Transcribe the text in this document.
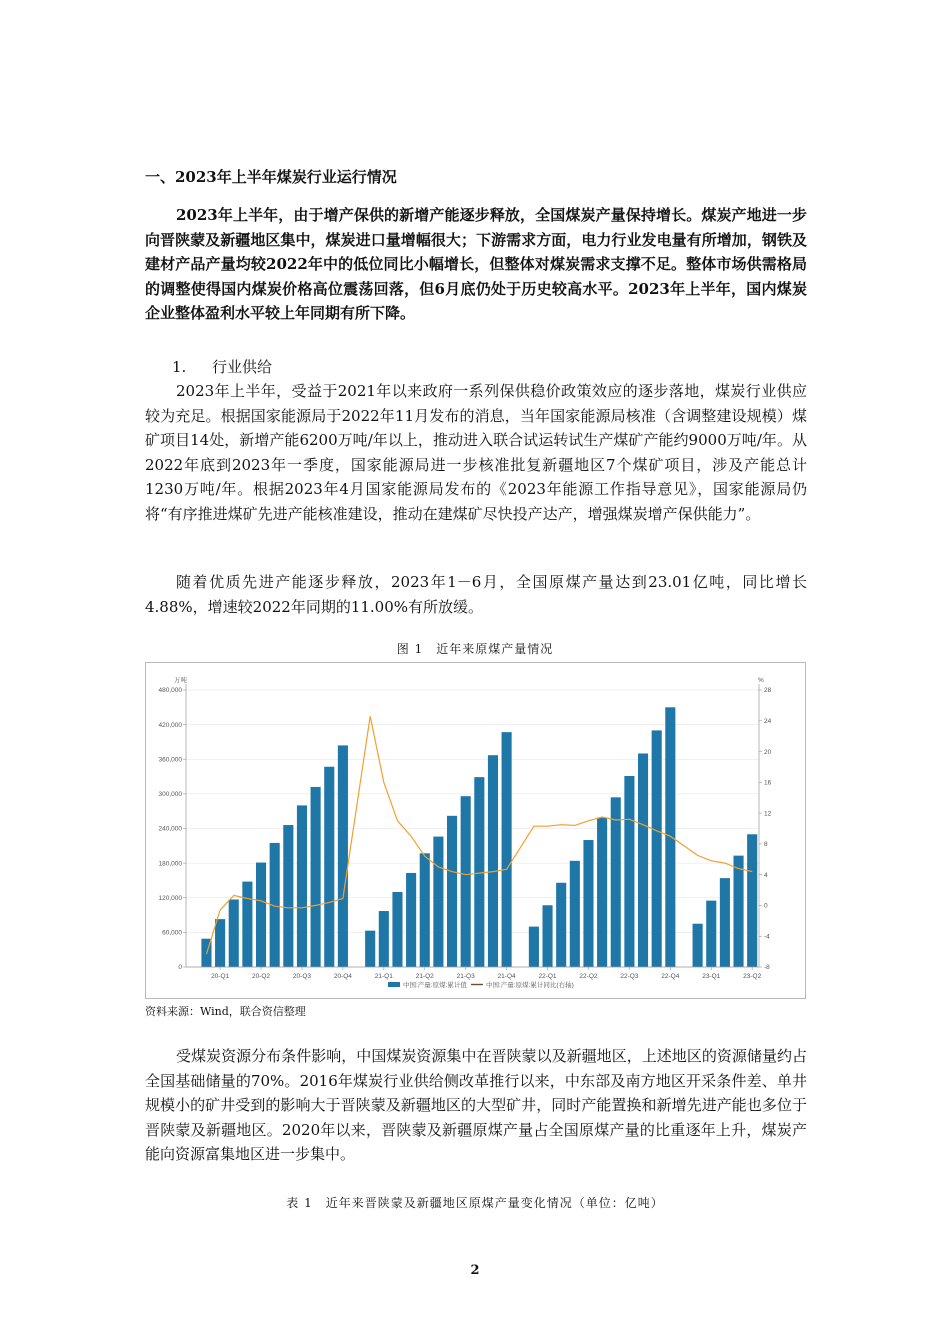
一、2023年上半年煤炭行业运行情况

2023年上半年，由于增产保供的新增产能逐步释放，全国煤炭产量保持增长。煤炭产地进一步向晋陕蒙及新疆地区集中，煤炭进口量增幅很大；下游需求方面，电力行业发电量有所增加，钢铁及建材产品产量均较2022年中的低位同比小幅增长，但整体对煤炭需求支撑不足。整体市场供需格局的调整使得国内煤炭价格高位震荡回落，但6月底仍处于历史较高水平。2023年上半年，国内煤炭企业整体盈利水平较上年同期有所下降。

1. 行业供给

2023年上半年，受益于2021年以来政府一系列保供稳价政策效应的逐步落地，煤炭行业供应较为充足。根据国家能源局于2022年11月发布的消息，当年国家能源局核准（含调整建设规模）煤矿项目14处，新增产能6200万吨/年以上，推动进入联合试运转试生产煤矿产能约9000万吨/年。从2022年底到2023年一季度，国家能源局进一步核准批复新疆地区7个煤矿项目，涉及产能总计1230万吨/年。根据2023年4月国家能源局发布的《2023年能源工作指导意见》，国家能源局仍将“有序推进煤矿先进产能核准建设，推动在建煤矿尽快投产达产，增强煤炭增产保供能力”。

随着优质先进产能逐步释放，2023年1－6月，全国原煤产量达到23.01亿吨，同比增长4.88%，增速较2022年同期的11.00%有所放缓。

图 1　近年来原煤产量情况

0
60,000
120,000
180,000
240,000
300,000
360,000
420,000
480,000
-8
-4
0
4
8
12
16
20
24
28
万吨	%
20-Q1	20-Q2	20-Q3	20-Q4	21-Q1	21-Q2	21-Q3	21-Q4	22-Q1	22-Q2	22-Q3	22-Q4	23-Q1	23-Q2
中国:产量:原煤:累计值	中国:产量:原煤:累计同比(右轴)

资料来源：Wind，联合资信整理

受煤炭资源分布条件影响，中国煤炭资源集中在晋陕蒙以及新疆地区，上述地区的资源储量约占全国基础储量的70%。2016年煤炭行业供给侧改革推行以来，中东部及南方地区开采条件差、单井规模小的矿井受到的影响大于晋陕蒙及新疆地区的大型矿井，同时产能置换和新增先进产能也多位于晋陕蒙及新疆地区。2020年以来，晋陕蒙及新疆原煤产量占全国原煤产量的比重逐年上升，煤炭产能向资源富集地区进一步集中。

表 1　近年来晋陕蒙及新疆地区原煤产量变化情况（单位：亿吨）

2
